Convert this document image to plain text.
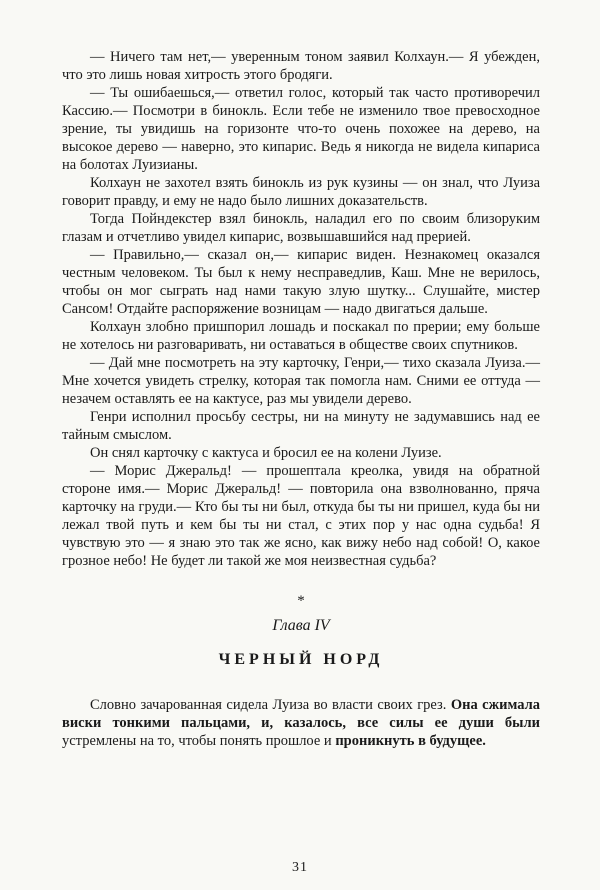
— Ничего там нет,— уверенным тоном заявил Колхаун.— Я убежден, что это лишь новая хитрость этого бродяги.

— Ты ошибаешься,— ответил голос, который так часто противоречил Кассию.— Посмотри в бинокль. Если тебе не изменило твое превосходное зрение, ты увидишь на горизонте что-то очень похожее на дерево, на высокое дерево — наверно, это кипарис. Ведь я никогда не видела кипариса на болотах Луизианы.

Колхаун не захотел взять бинокль из рук кузины — он знал, что Луиза говорит правду, и ему не надо было лишних доказательств.

Тогда Пойндекстер взял бинокль, наладил его по своим близоруким глазам и отчетливо увидел кипарис, возвышавшийся над прерией.

— Правильно,— сказал он,— кипарис виден. Незнакомец оказался честным человеком. Ты был к нему несправедлив, Каш. Мне не верилось, чтобы он мог сыграть над нами такую злую шутку... Слушайте, мистер Сансом! Отдайте распоряжение возницам — надо двигаться дальше.

Колхаун злобно пришпорил лошадь и поскакал по прерии; ему больше не хотелось ни разговаривать, ни оставаться в обществе своих спутников.

— Дай мне посмотреть на эту карточку, Генри,— тихо сказала Луиза.— Мне хочется увидеть стрелку, которая так помогла нам. Сними ее оттуда — незачем оставлять ее на кактусе, раз мы увидели дерево.

Генри исполнил просьбу сестры, ни на минуту не задумавшись над ее тайным смыслом.

Он снял карточку с кактуса и бросил ее на колени Луизе.

— Морис Джеральд! — прошептала креолка, увидя на обратной стороне имя.— Морис Джеральд! — повторила она взволнованно, пряча карточку на груди.— Кто бы ты ни был, откуда бы ты ни пришел, куда бы ни лежал твой путь и кем бы ты ни стал, с этих пор у нас одна судьба! Я чувствую это — я знаю это так же ясно, как вижу небо над собой! О, какое грозное небо! Не будет ли такой же моя неизвестная судьба?

*
Глава IV
ЧЕРНЫЙ НОРД

Словно зачарованная сидела Луиза во власти своих грез. Она сжимала виски тонкими пальцами, и, казалось, все силы ее души были устремлены на то, чтобы понять прошлое и проникнуть в будущее.

31
